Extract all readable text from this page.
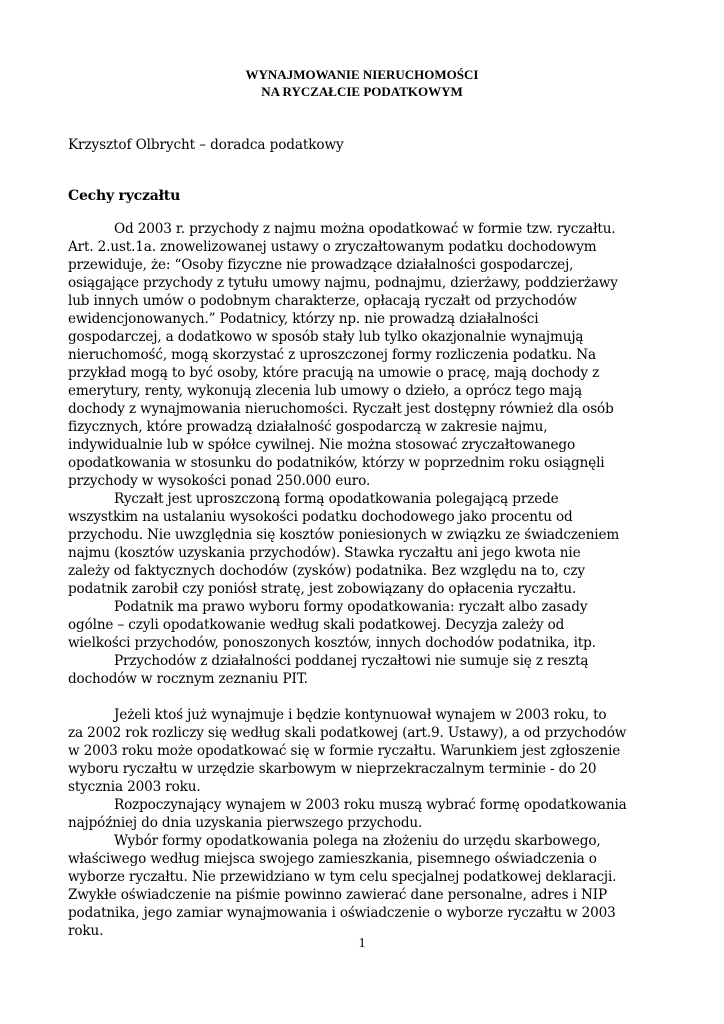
WYNAJMOWANIE NIERUCHOMOŚCI
NA RYCZAŁCIE PODATKOWYM

Krzysztof Olbrycht – doradca podatkowy

Cechy ryczałtu
Od 2003 r. przychody z najmu można opodatkować w formie tzw. ryczałtu.
Art. 2.ust.1a. znowelizowanej ustawy o zryczałtowanym podatku dochodowym
przewiduje, że: “Osoby fizyczne nie prowadzące działalności gospodarczej,
osiągające przychody z tytułu umowy najmu, podnajmu, dzierżawy, poddzierżawy
lub innych umów o podobnym charakterze, opłacają ryczałt od przychodów
ewidencjonowanych.” Podatnicy, którzy np. nie prowadzą działalności
gospodarczej, a dodatkowo w sposób stały lub tylko okazjonalnie wynajmują
nieruchomość, mogą skorzystać z uproszczonej formy rozliczenia podatku. Na
przykład mogą to być osoby, które pracują na umowie o pracę, mają dochody z
emerytury, renty, wykonują zlecenia lub umowy o dzieło, a oprócz tego mają
dochody z wynajmowania nieruchomości. Ryczałt jest dostępny również dla osób
fizycznych, które prowadzą działalność gospodarczą w zakresie najmu,
indywidualnie lub w spółce cywilnej. Nie można stosować zryczałtowanego
opodatkowania w stosunku do podatników, którzy w poprzednim roku osiągnęli
przychody w wysokości ponad 250.000 euro.
Ryczałt jest uproszczoną formą opodatkowania polegającą przede
wszystkim na ustalaniu wysokości podatku dochodowego jako procentu od
przychodu. Nie uwzględnia się kosztów poniesionych w związku ze świadczeniem
najmu (kosztów uzyskania przychodów). Stawka ryczałtu ani jego kwota nie
zależy od faktycznych dochodów (zysków) podatnika. Bez względu na to, czy
podatnik zarobił czy poniósł stratę, jest zobowiązany do opłacenia ryczałtu.
Podatnik ma prawo wyboru formy opodatkowania: ryczałt albo zasady
ogólne – czyli opodatkowanie według skali podatkowej. Decyzja zależy od
wielkości przychodów, ponoszonych kosztów, innych dochodów podatnika, itp.
Przychodów z działalności poddanej ryczałtowi nie sumuje się z resztą
dochodów w rocznym zeznaniu PIT.
Jeżeli ktoś już wynajmuje i będzie kontynuował wynajem w 2003 roku, to
za 2002 rok rozliczy się według skali podatkowej (art.9. Ustawy), a od przychodów
w 2003 roku może opodatkować się w formie ryczałtu. Warunkiem jest zgłoszenie
wyboru ryczałtu w urzędzie skarbowym w nieprzekraczalnym terminie - do 20
stycznia 2003 roku.
Rozpoczynający wynajem w 2003 roku muszą wybrać formę opodatkowania
najpóźniej do dnia uzyskania pierwszego przychodu.
Wybór formy opodatkowania polega na złożeniu do urzędu skarbowego,
właściwego według miejsca swojego zamieszkania, pisemnego oświadczenia o
wyborze ryczałtu. Nie przewidziano w tym celu specjalnej podatkowej deklaracji.
Zwykłe oświadczenie na piśmie powinno zawierać dane personalne, adres i NIP
podatnika, jego zamiar wynajmowania i oświadczenie o wyborze ryczałtu w 2003
roku.

1
